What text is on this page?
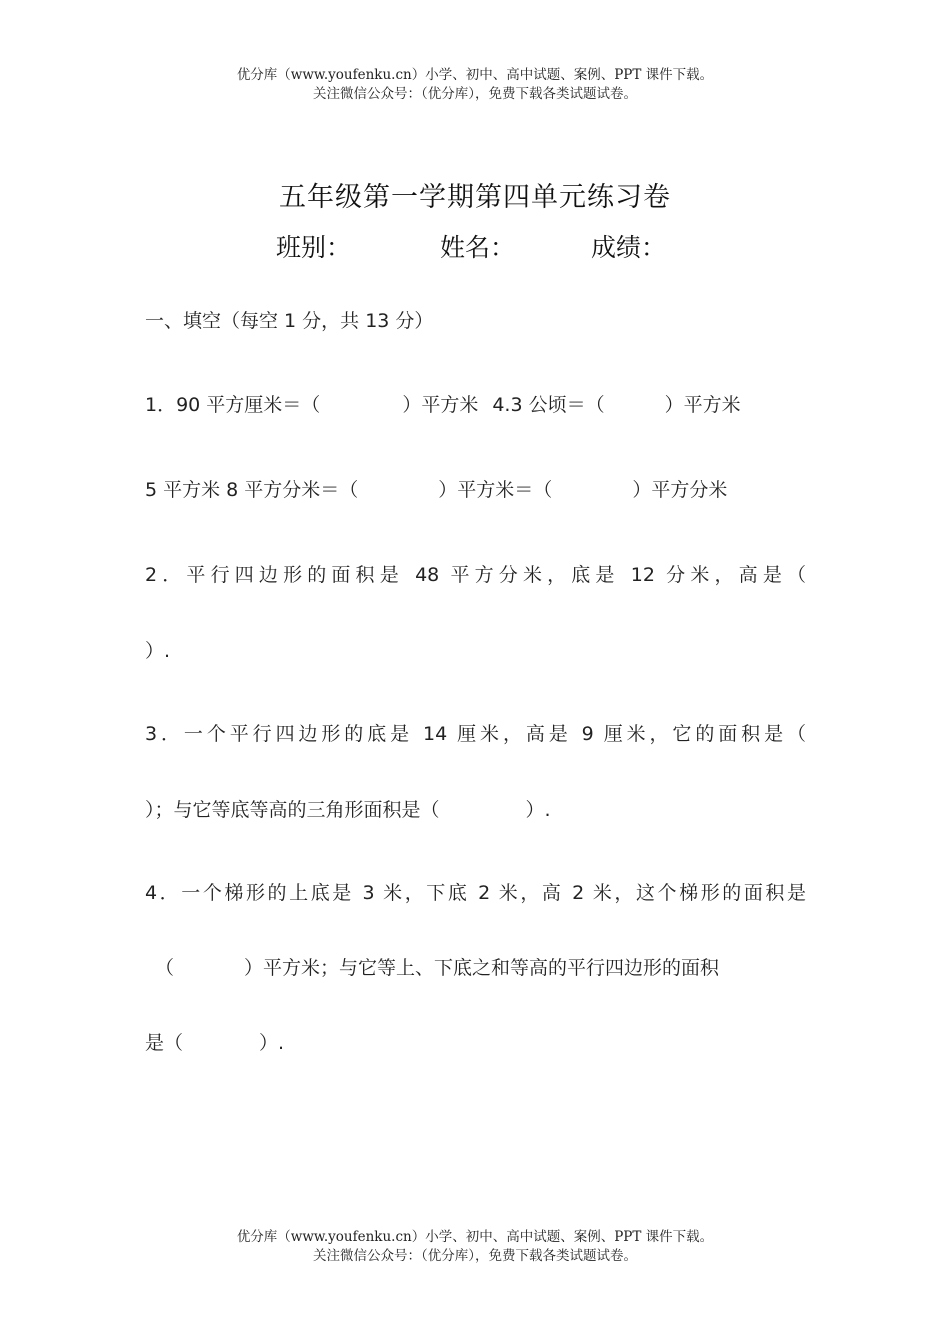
优分库（www.youfenku.cn）小学、初中、高中试题、案例、PPT 课件下载。
关注微信公众号：（优分库），免费下载各类试题试卷。
五年级第一学期第四单元练习卷
班别：	姓名：	成绩：
一、填空（每空 1 分，共 13 分）
1．90 平方厘米＝（	）平方米 4.3 公顷＝（	）平方米
5 平方米 8 平方分米＝（	）平方米＝（	）平方分米
2．平行四边形的面积是 48 平方分米，底是 12 分米，高是（
）.
3．一个平行四边形的底是 14 厘米，高是 9 厘米，它的面积是（
）；与它等底等高的三角形面积是（	）.
4．一个梯形的上底是 3 米，下底 2 米，高 2 米，这个梯形的面积是
（	）平方米；与它等上、下底之和等高的平行四边形的面积
是（	）.
优分库（www.youfenku.cn）小学、初中、高中试题、案例、PPT 课件下载。
关注微信公众号：（优分库），免费下载各类试题试卷。
